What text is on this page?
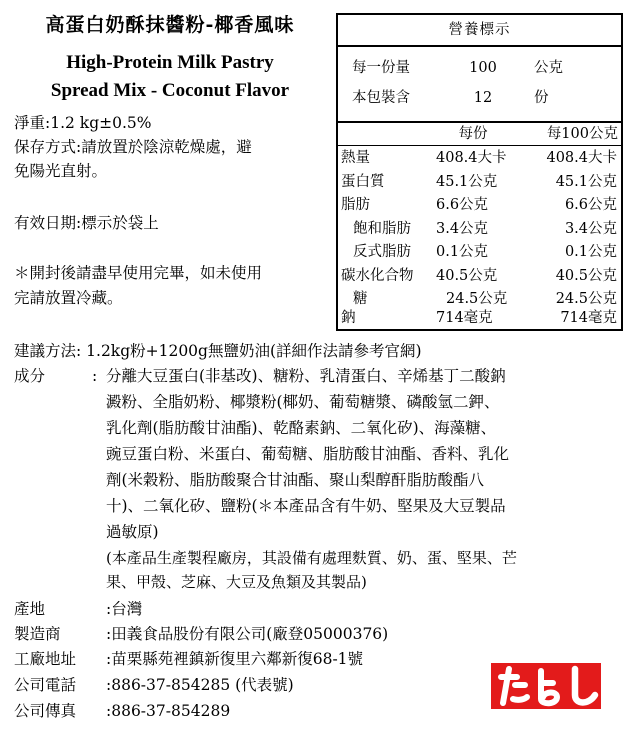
高蛋白奶酥抹醬粉-椰香風味
High-Protein Milk Pastry
Spread Mix - Coconut Flavor
淨重:1.2 kg±0.5%
保存方式:請放置於陰涼乾燥處，避
免陽光直射。
有效日期:標示於袋上
＊開封後請盡早使用完畢，如未使用
完請放置冷藏。
營養標示
每一份量	100	公克
本包裝含	12	份
每份	每100公克
熱量	408.4大卡	408.4大卡
蛋白質	45.1公克	45.1公克
脂肪	6.6公克	6.6公克
飽和脂肪 3.4公克	3.4公克
反式脂肪 0.1公克	0.1公克
碳水化合物 40.5公克	40.5公克
糖	24.5公克	24.5公克
鈉	714毫克	714毫克
建議方法: 1.2kg粉+1200g無鹽奶油(詳細作法請參考官網)
成分	: 分離大豆蛋白(非基改)、糖粉、乳清蛋白、辛烯基丁二酸鈉
澱粉、全脂奶粉、椰漿粉(椰奶、葡萄糖漿、磷酸氫二鉀、
乳化劑(脂肪酸甘油酯)、乾酪素鈉、二氧化矽)、海藻糖、
豌豆蛋白粉、米蛋白、葡萄糖、脂肪酸甘油酯、香料、乳化
劑(米穀粉、脂肪酸聚合甘油酯、聚山梨醇酐脂肪酸酯八
十)、二氧化矽、鹽粉(＊本產品含有牛奶、堅果及大豆製品
過敏原)
(本產品生產製程廠房，其設備有處理麩質、奶、蛋、堅果、芒
果、甲殼、芝麻、大豆及魚類及其製品)
產地	:台灣
製造商	:田義食品股份有限公司(廠登05000376)
工廠地址 :苗栗縣苑裡鎮新復里六鄰新復68-1號
公司電話 :886-37-854285 (代表號)
公司傳真 :886-37-854289
